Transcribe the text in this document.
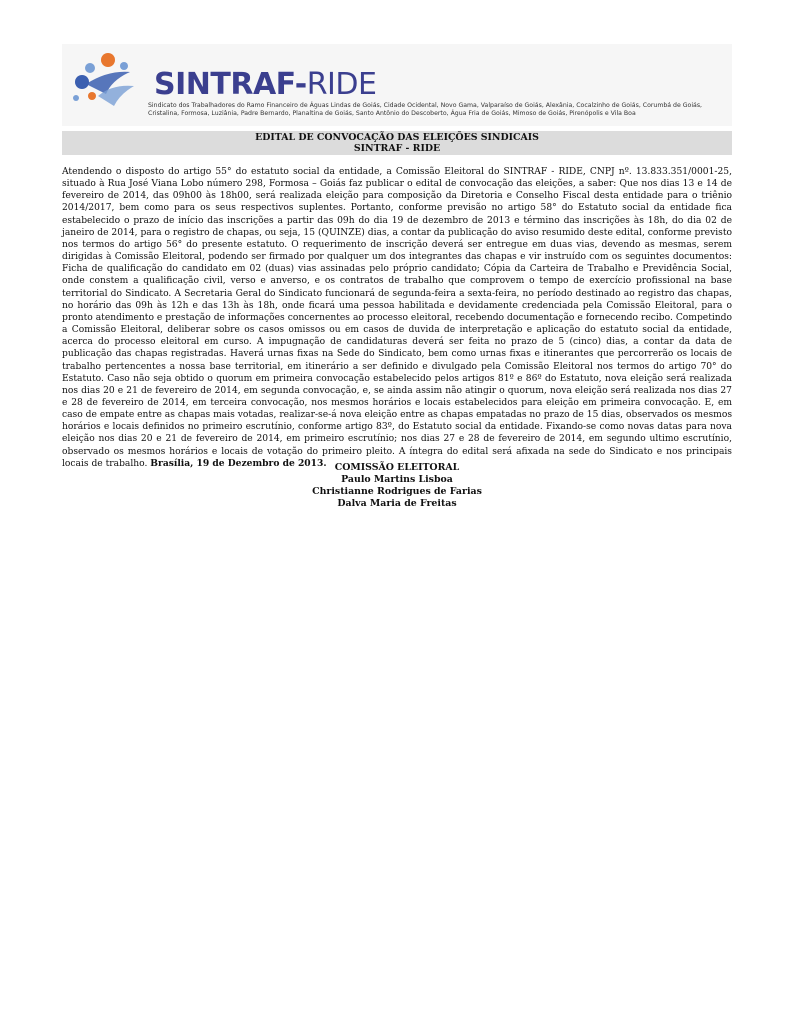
SINTRAF-RIDE
Sindicato dos Trabalhadores do Ramo Financeiro de Águas Lindas de Goiás, Cidade Ocidental, Novo Gama, Valparaíso de Goiás, Alexânia, Cocalzinho de Goiás, Corumbá de Goiás, Cristalina, Formosa, Luziânia, Padre Bernardo, Planaltina de Goiás, Santo Antônio do Descoberto, Água Fria de Goiás, Mimoso de Goiás, Pirenópolis e Vila Boa
EDITAL DE CONVOCAÇÃO DAS ELEIÇÕES SINDICAIS
SINTRAF - RIDE
Atendendo o disposto do artigo 55° do estatuto social da entidade, a Comissão Eleitoral do SINTRAF - RIDE, CNPJ nº. 13.833.351/0001-25, situado à Rua José Viana Lobo número 298, Formosa – Goiás faz publicar o edital de convocação das eleições, a saber: Que nos dias 13 e 14 de fevereiro de 2014, das 09h00 às 18h00, será realizada eleição para composição da Diretoria e Conselho Fiscal desta entidade para o triênio 2014/2017, bem como para os seus respectivos suplentes. Portanto, conforme previsão no artigo 58° do Estatuto social da entidade fica estabelecido o prazo de início das inscrições a partir das 09h do dia 19 de dezembro de 2013 e término das inscrições às 18h, do dia 02 de janeiro de 2014, para o registro de chapas, ou seja, 15 (QUINZE) dias, a contar da publicação do aviso resumido deste edital, conforme previsto nos termos do artigo 56° do presente estatuto. O requerimento de inscrição deverá ser entregue em duas vias, devendo as mesmas, serem dirigidas à Comissão Eleitoral, podendo ser firmado por qualquer um dos integrantes das chapas e vir instruído com os seguintes documentos: Ficha de qualificação do candidato em 02 (duas) vias assinadas pelo próprio candidato; Cópia da Carteira de Trabalho e Previdência Social, onde constem a qualificação civil, verso e anverso, e os contratos de trabalho que comprovem o tempo de exercício profissional na base territorial do Sindicato. A Secretaria Geral do Sindicato funcionará de segunda-feira a sexta-feira, no período destinado ao registro das chapas, no horário das 09h às 12h e das 13h às 18h, onde ficará uma pessoa habilitada e devidamente credenciada pela Comissão Eleitoral, para o pronto atendimento e prestação de informações concernentes ao processo eleitoral, recebendo documentação e fornecendo recibo. Competindo a Comissão Eleitoral, deliberar sobre os casos omissos ou em casos de duvida de interpretação e aplicação do estatuto social da entidade, acerca do processo eleitoral em curso. A impugnação de candidaturas deverá ser feita no prazo de 5 (cinco) dias, a contar da data de publicação das chapas registradas. Haverá urnas fixas na Sede do Sindicato, bem como urnas fixas e itinerantes que percorrerão os locais de trabalho pertencentes a nossa base territorial, em itinerário a ser definido e divulgado pela Comissão Eleitoral nos termos do artigo 70° do Estatuto. Caso não seja obtido o quorum em primeira convocação estabelecido pelos artigos 81º e 86º do Estatuto, nova eleição será realizada nos dias 20 e 21 de fevereiro de 2014, em segunda convocação, e, se ainda assim não atingir o quorum, nova eleição será realizada nos dias 27 e 28 de fevereiro de 2014, em terceira convocação, nos mesmos horários e locais estabelecidos para eleição em primeira convocação. E, em caso de empate entre as chapas mais votadas, realizar-se-á nova eleição entre as chapas empatadas no prazo de 15 dias, observados os mesmos horários e locais definidos no primeiro escrutínio, conforme artigo 83º, do Estatuto social da entidade. Fixando-se como novas datas para nova eleição nos dias 20 e 21 de fevereiro de 2014, em primeiro escrutínio; nos dias 27 e 28 de fevereiro de 2014, em segundo ultimo escrutínio, observado os mesmos horários e locais de votação do primeiro pleito. A íntegra do edital será afixada na sede do Sindicato e nos principais locais de trabalho. Brasília, 19 de Dezembro de 2013. COMISSÃO ELEITORAL
Paulo Martins Lisboa
Christianne Rodrigues de Farias
Dalva Maria de Freitas
